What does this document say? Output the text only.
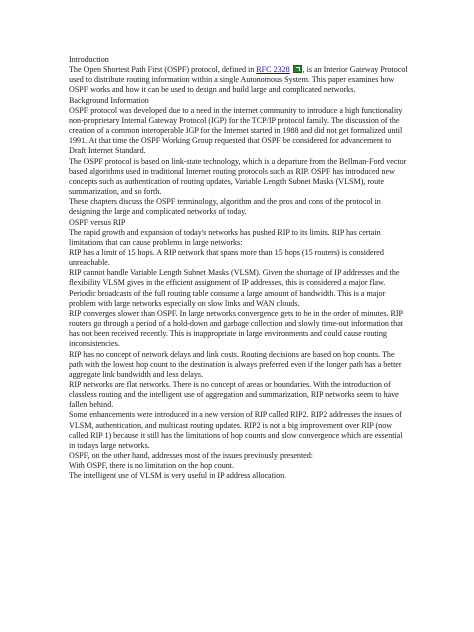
Introduction

The Open Shortest Path First (OSPF) protocol, defined in RFC 2328 , is an Interior Gateway Protocol used to distribute routing information within a single Autonomous System. This paper examines how OSPF works and how it can be used to design and build large and complicated networks.

Background Information

OSPF protocol was developed due to a need in the internet community to introduce a high functionality non-proprietary Internal Gateway Protocol (IGP) for the TCP/IP protocol family. The discussion of the creation of a common interoperable IGP for the Internet started in 1988 and did not get formalized until 1991. At that time the OSPF Working Group requested that OSPF be considered for advancement to Draft Internet Standard.

The OSPF protocol is based on link-state technology, which is a departure from the Bellman-Ford vector based algorithms used in traditional Internet routing protocols such as RIP. OSPF has introduced new concepts such as authentication of routing updates, Variable Length Subnet Masks (VLSM), route summarization, and so forth.

These chapters discuss the OSPF terminology, algorithm and the pros and cons of the protocol in designing the large and complicated networks of today.

OSPF versus RIP

The rapid growth and expansion of today's networks has pushed RIP to its limits. RIP has certain limitations that can cause problems in large networks:

RIP has a limit of 15 hops. A RIP network that spans more than 15 hops (15 routers) is considered unreachable.

RIP cannot handle Variable Length Subnet Masks (VLSM). Given the shortage of IP addresses and the flexibility VLSM gives in the efficient assignment of IP addresses, this is considered a major flaw.

Periodic broadcasts of the full routing table consume a large amount of bandwidth. This is a major problem with large networks especially on slow links and WAN clouds.

RIP converges slower than OSPF. In large networks convergence gets to be in the order of minutes. RIP routers go through a period of a hold-down and garbage collection and slowly time-out information that has not been received recently. This is inappropriate in large environments and could cause routing inconsistencies.

RIP has no concept of network delays and link costs. Routing decisions are based on hop counts. The path with the lowest hop count to the destination is always preferred even if the longer path has a better aggregate link bandwidth and less delays.

RIP networks are flat networks. There is no concept of areas or boundaries. With the introduction of classless routing and the intelligent use of aggregation and summarization, RIP networks seem to have fallen behind.

Some enhancements were introduced in a new version of RIP called RIP2. RIP2 addresses the issues of VLSM, authentication, and multicast routing updates. RIP2 is not a big improvement over RIP (now called RIP 1) because it still has the limitations of hop counts and slow convergence which are essential in todays large networks.

OSPF, on the other hand, addresses most of the issues previously presented:

With OSPF, there is no limitation on the hop count.

The intelligent use of VLSM is very useful in IP address allocation.
